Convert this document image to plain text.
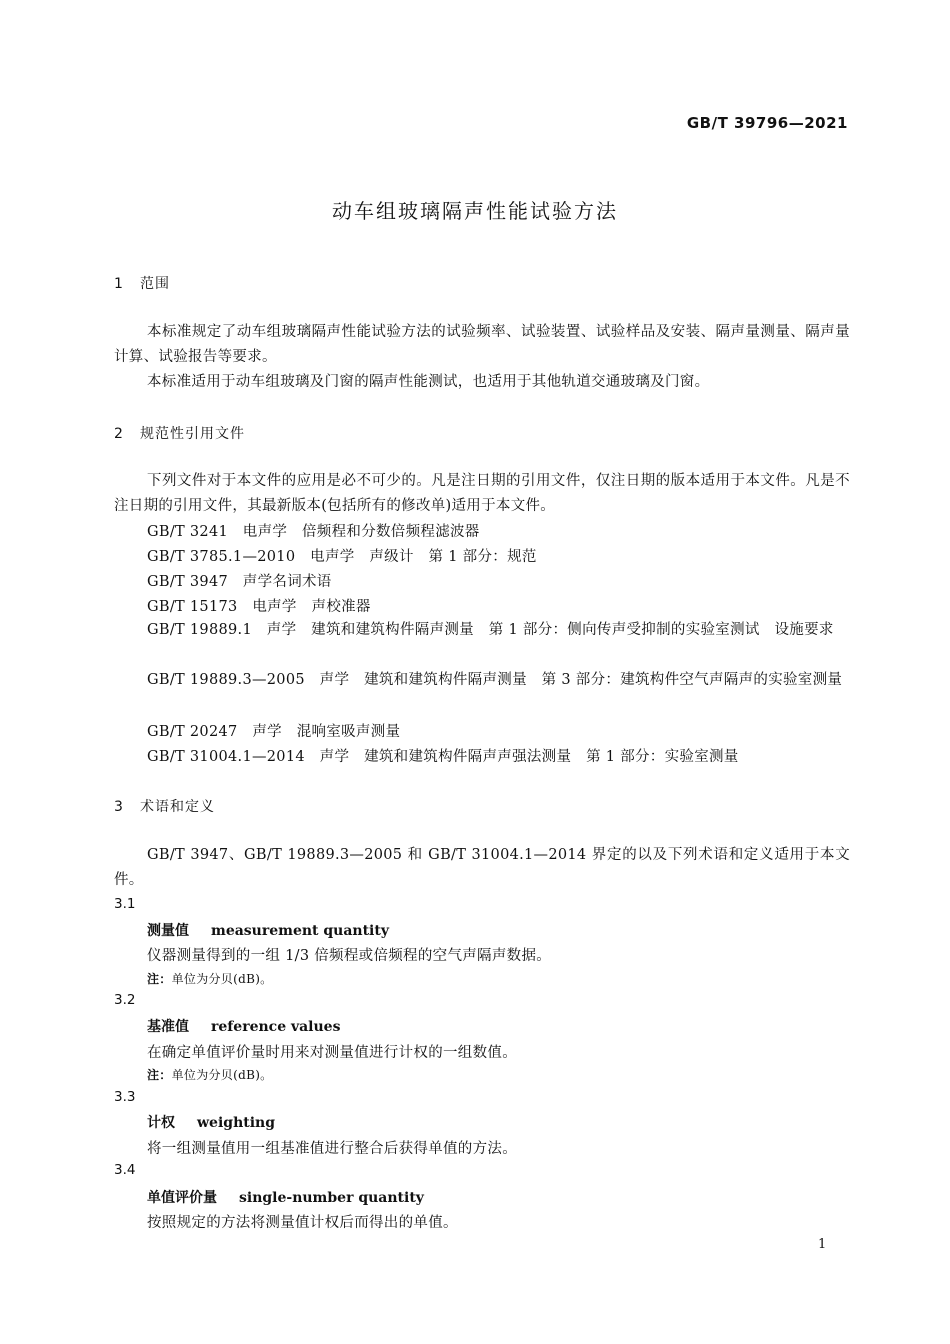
GB/T 39796—2021
动车组玻璃隔声性能试验方法
1 范围
本标准规定了动车组玻璃隔声性能试验方法的试验频率、试验装置、试验样品及安装、隔声量测量、隔声量计算、试验报告等要求。
本标准适用于动车组玻璃及门窗的隔声性能测试，也适用于其他轨道交通玻璃及门窗。
2 规范性引用文件
下列文件对于本文件的应用是必不可少的。凡是注日期的引用文件，仅注日期的版本适用于本文件。凡是不注日期的引用文件，其最新版本(包括所有的修改单)适用于本文件。
GB/T 3241　电声学　倍频程和分数倍频程滤波器
GB/T 3785.1—2010　电声学　声级计　第 1 部分：规范
GB/T 3947　声学名词术语
GB/T 15173　电声学　声校准器
GB/T 19889.1　声学　建筑和建筑构件隔声测量　第 1 部分：侧向传声受抑制的实验室测试　设施要求
GB/T 19889.3—2005　声学　建筑和建筑构件隔声测量　第 3 部分：建筑构件空气声隔声的实验室测量
GB/T 20247　声学　混响室吸声测量
GB/T 31004.1—2014　声学　建筑和建筑构件隔声声强法测量　第 1 部分：实验室测量
3 术语和定义
GB/T 3947、GB/T 19889.3—2005 和 GB/T 31004.1—2014 界定的以及下列术语和定义适用于本文件。
3.1
测量值 measurement quantity
仪器测量得到的一组 1/3 倍频程或倍频程的空气声隔声数据。
注：单位为分贝(dB)。
3.2
基准值 reference values
在确定单值评价量时用来对测量值进行计权的一组数值。
注：单位为分贝(dB)。
3.3
计权 weighting
将一组测量值用一组基准值进行整合后获得单值的方法。
3.4
单值评价量 single-number quantity
按照规定的方法将测量值计权后而得出的单值。
1
